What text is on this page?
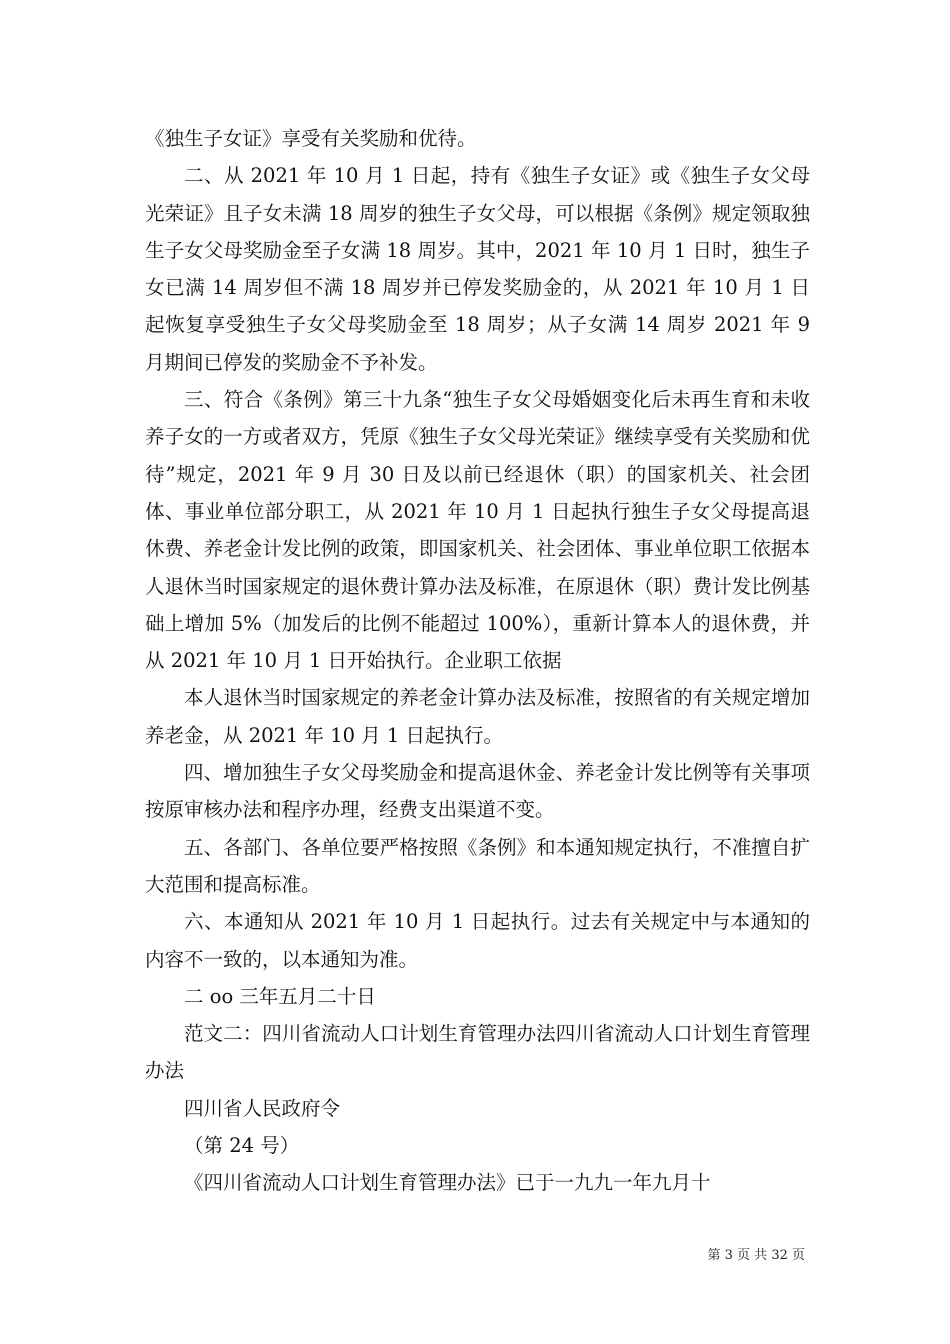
《独生子女证》享受有关奖励和优待。

二、从 2021 年 10 月 1 日起，持有《独生子女证》或《独生子女父母光荣证》且子女未满 18 周岁的独生子女父母，可以根据《条例》规定领取独生子女父母奖励金至子女满 18 周岁。其中，2021 年 10 月 1 日时，独生子女已满 14 周岁但不满 18 周岁并已停发奖励金的，从 2021 年 10 月 1 日起恢复享受独生子女父母奖励金至 18 周岁；从子女满 14 周岁 2021 年 9 月期间已停发的奖励金不予补发。

三、符合《条例》第三十九条“独生子女父母婚姻变化后未再生育和未收养子女的一方或者双方，凭原《独生子女父母光荣证》继续享受有关奖励和优待”规定，2021 年 9 月 30 日及以前已经退休（职）的国家机关、社会团体、事业单位部分职工，从 2021 年 10 月 1 日起执行独生子女父母提高退休费、养老金计发比例的政策，即国家机关、社会团体、事业单位职工依据本人退休当时国家规定的退休费计算办法及标准，在原退休（职）费计发比例基础上增加 5%（加发后的比例不能超过 100%），重新计算本人的退休费，并从 2021 年 10 月 1 日开始执行。企业职工依据

本人退休当时国家规定的养老金计算办法及标准，按照省的有关规定增加养老金，从 2021 年 10 月 1 日起执行。

四、增加独生子女父母奖励金和提高退休金、养老金计发比例等有关事项按原审核办法和程序办理，经费支出渠道不变。

五、各部门、各单位要严格按照《条例》和本通知规定执行，不准擅自扩大范围和提高标准。

六、本通知从 2021 年 10 月 1 日起执行。过去有关规定中与本通知的内容不一致的，以本通知为准。

二 oo 三年五月二十日

范文二：四川省流动人口计划生育管理办法四川省流动人口计划生育管理办法

四川省人民政府令

（第 24 号）

《四川省流动人口计划生育管理办法》已于一九九一年九月十

第 3 页 共 32 页
